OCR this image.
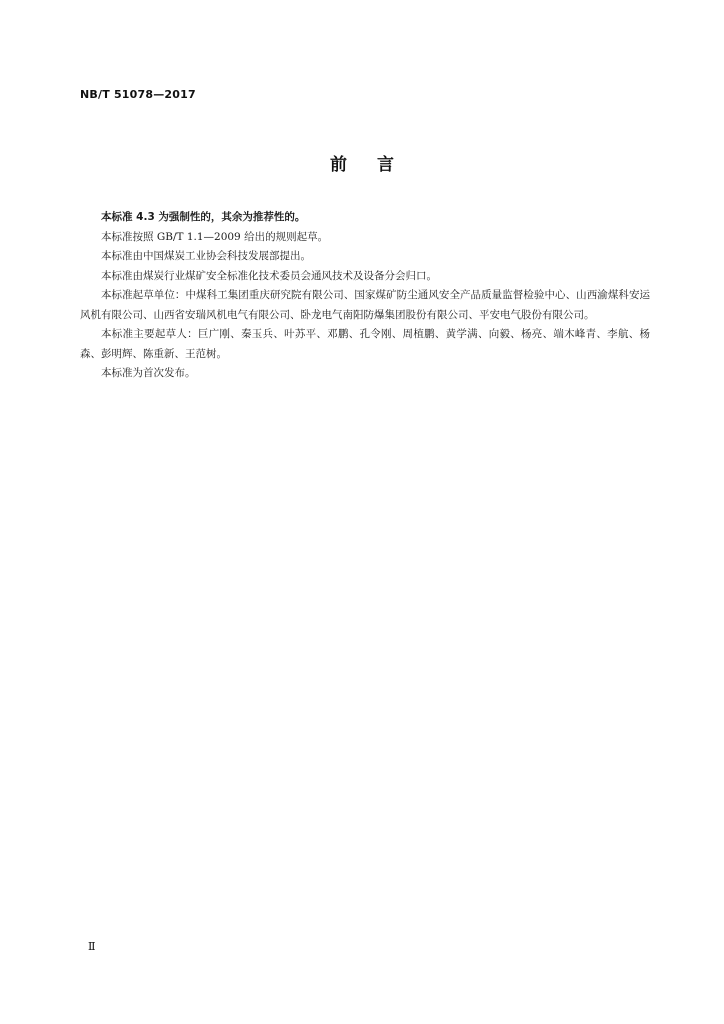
NB/T 51078—2017
前言

本标准 4.3 为强制性的，其余为推荐性的。

本标准按照 GB/T 1.1—2009 给出的规则起草。

本标准由中国煤炭工业协会科技发展部提出。

本标准由煤炭行业煤矿安全标准化技术委员会通风技术及设备分会归口。

本标准起草单位：中煤科工集团重庆研究院有限公司、国家煤矿防尘通风安全产品质量监督检验中心、山西渝煤科安运风机有限公司、山西省安瑞风机电气有限公司、卧龙电气南阳防爆集团股份有限公司、平安电气股份有限公司。

本标准主要起草人：巨广刚、秦玉兵、叶苏平、邓鹏、孔令刚、周植鹏、黄学满、向毅、杨亮、端木峰青、李航、杨森、彭明辉、陈重新、王范树。

本标准为首次发布。

Ⅱ
